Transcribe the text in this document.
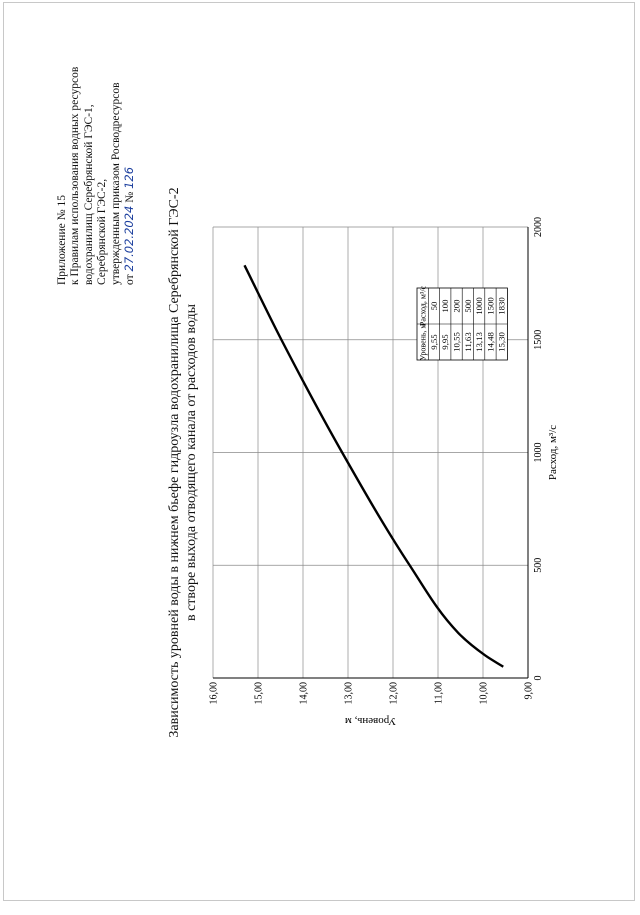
Приложение № 15 к Правилам использования водных ресурсов водохранилищ Серебрянской ГЭС-1, Серебрянской ГЭС-2, утвержденным приказом Росводресурсов от 27.02.2024 № 126
Зависимость уровней воды в нижнем бьефе гидроузла водохранилища Серебрянской ГЭС-2 в створе выхода отводящего канала от расходов воды
0
500
1000
1500
2000
9,00
10,00
11,00
12,00
13,00
14,00
15,00
16,00
Расход, м³/с
Уровень, м
Уровень, м
Расход, м³/с
9,55
50
9,95
100
10,55
200
11,63
500
13,13
1000
14,48
1500
15,30
1830
